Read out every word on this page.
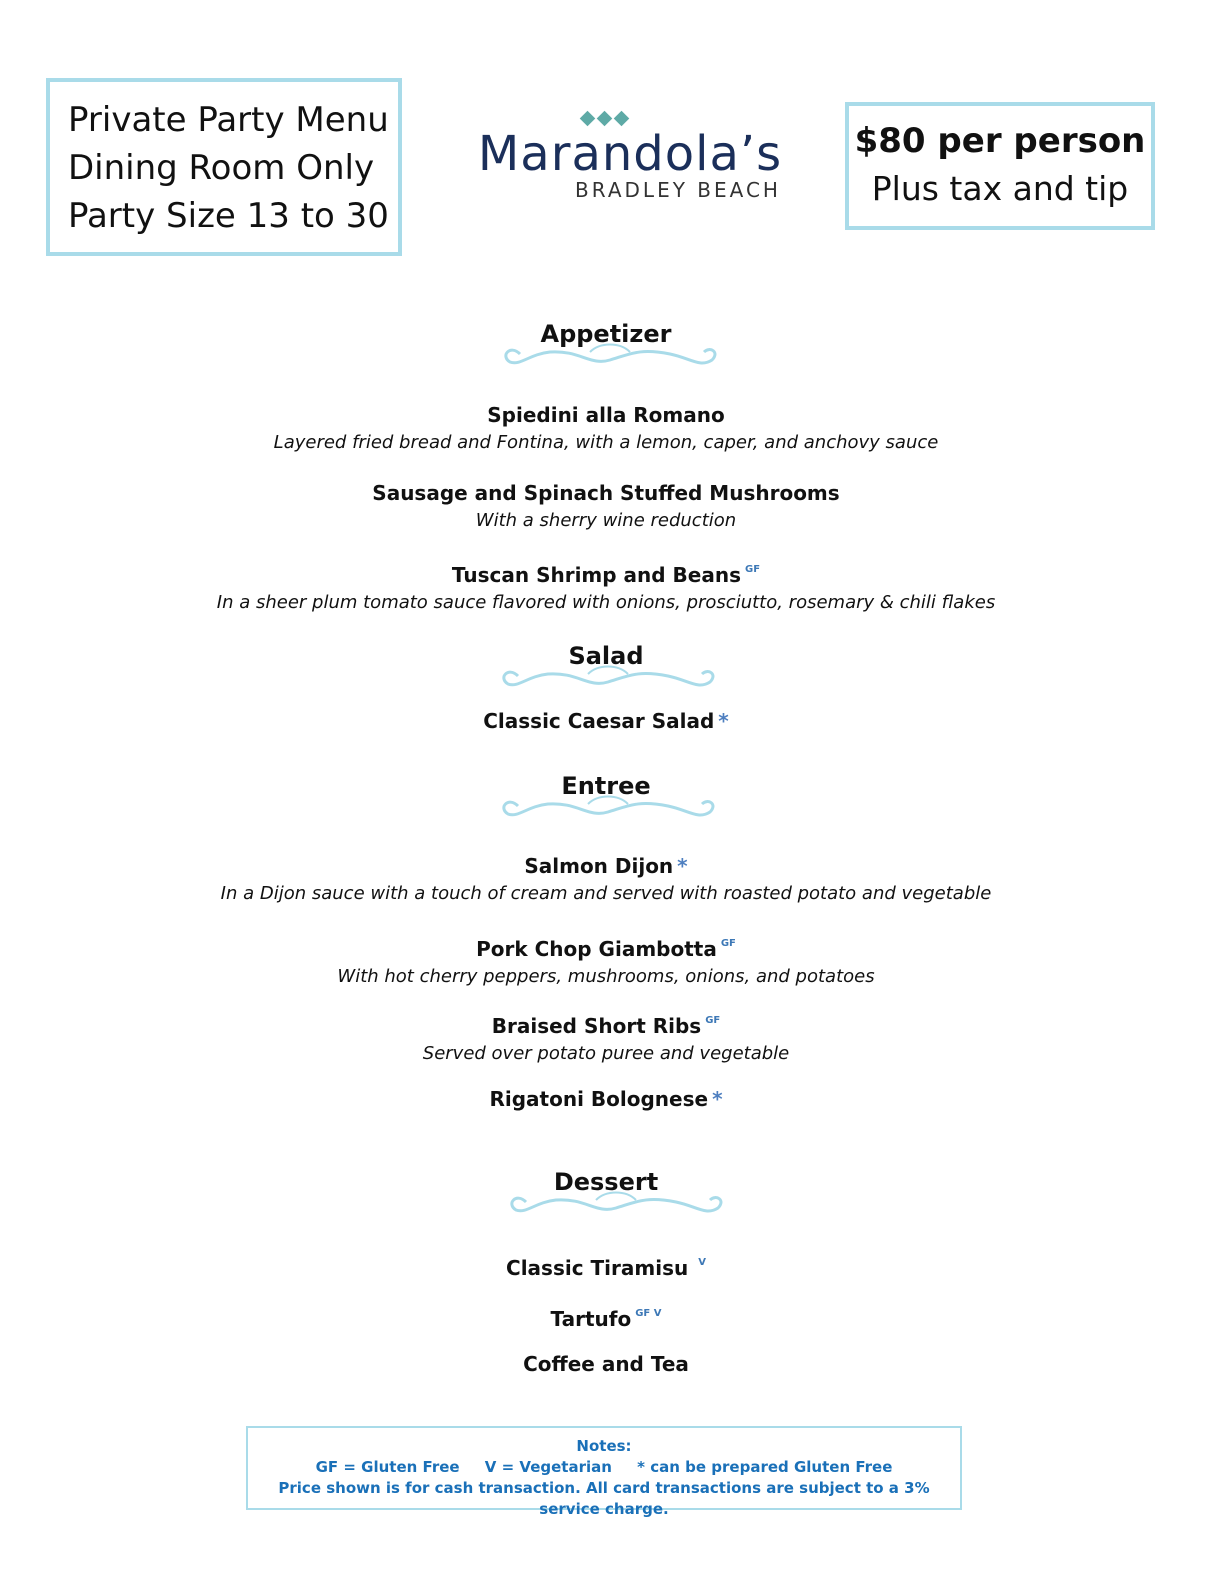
Private Party Menu
Dining Room Only
Party Size 13 to 30
Marandola’s
BRADLEY BEACH
$80 per person
Plus tax and tip
Appetizer
Spiedini alla Romano
Layered fried bread and Fontina, with a lemon, caper, and anchovy sauce
Sausage and Spinach Stuffed Mushrooms
With a sherry wine reduction
Tuscan Shrimp and Beans $^{GF}$
In a sheer plum tomato sauce flavored with onions, prosciutto, rosemary & chili flakes
Salad
Classic Caesar Salad *
Entree
Salmon Dijon *
In a Dijon sauce with a touch of cream and served with roasted potato and vegetable
Pork Chop Giambotta $^{GF}$
With hot cherry peppers, mushrooms, onions, and potatoes
Braised Short Ribs $^{GF}$
Served over potato puree and vegetable
Rigatoni Bolognese *
Dessert
Classic Tiramisu $^V$
Tartufo $^{GF V}$
Coffee and Tea
Notes:
GF = Gluten Free V = Vegetarian * can be prepared Gluten Free
Price shown is for cash transaction. All card transactions are subject to a 3% service charge.
